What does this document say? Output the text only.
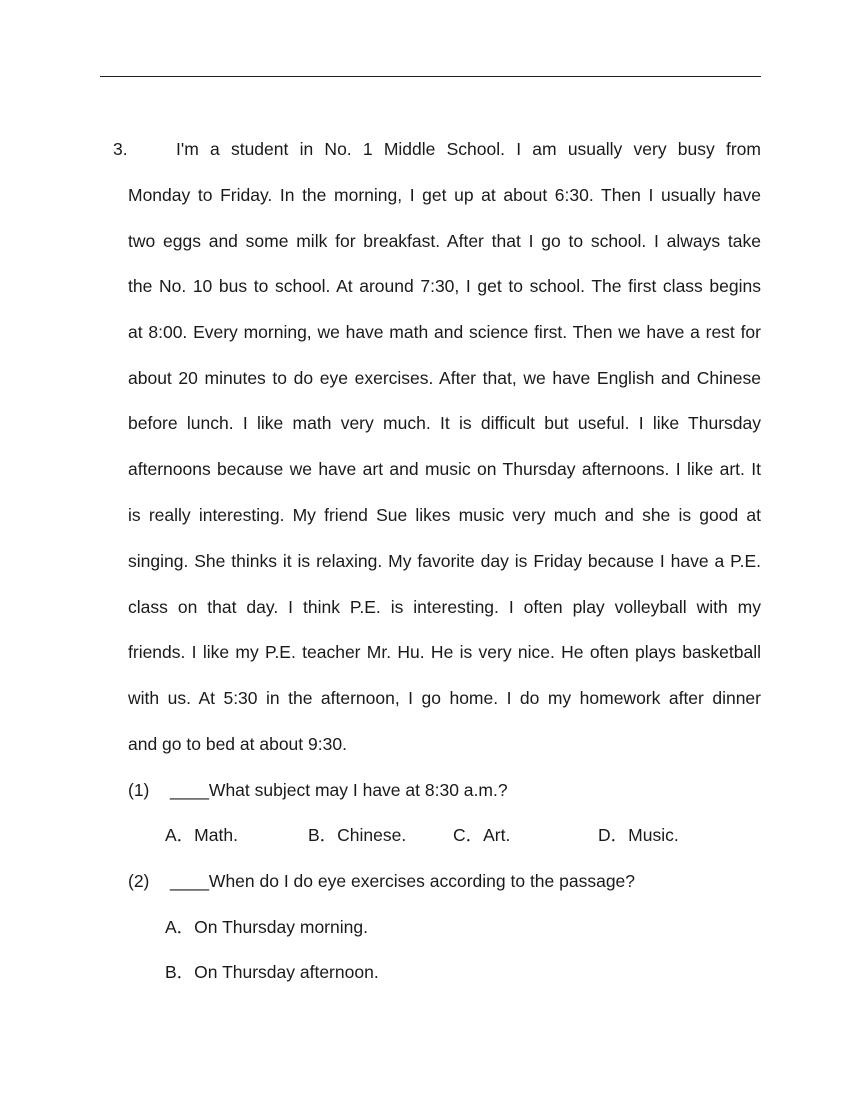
3.	I'm a student in No. 1 Middle School. I am usually very busy from
Monday to Friday. In the morning, I get up at about 6:30. Then I usually have
two eggs and some milk for breakfast. After that I go to school. I always take
the No. 10 bus to school. At around 7:30, I get to school. The first class begins
at 8:00. Every morning, we have math and science first. Then we have a rest for
about 20 minutes to do eye exercises. After that, we have English and Chinese
before lunch. I like math very much. It is difficult but useful. I like Thursday
afternoons because we have art and music on Thursday afternoons. I like art. It
is really interesting. My friend Sue likes music very much and she is good at
singing. She thinks it is relaxing. My favorite day is Friday because I have a P.E.
class on that day. I think P.E. is interesting. I often play volleyball with my
friends. I like my P.E. teacher Mr. Hu. He is very nice. He often plays basketball
with us. At 5:30 in the afternoon, I go home. I do my homework after dinner
and go to bed at about 9:30.
(1) ____What subject may I have at 8:30 a.m.?
A．Math.	B．Chinese.	C．Art.	D．Music.
(2) ____When do I do eye exercises according to the passage?
A．On Thursday morning.
B．On Thursday afternoon.
